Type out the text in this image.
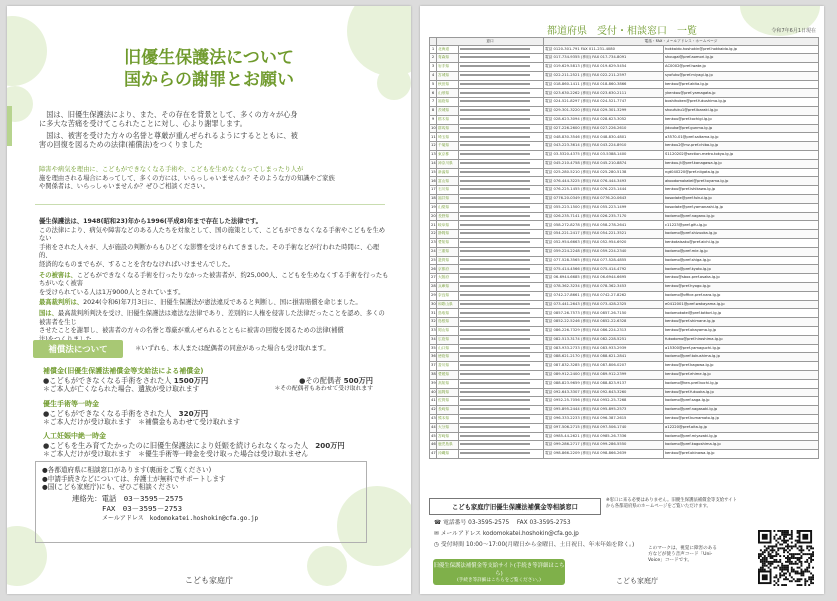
旧優生保護法について
国からの謝罪とお願い
　国は、旧優生保護法により、また、その存在を背景として、多くの方々が心身
に多大な苦痛を受けてこられたことに対し、心より謝罪します。
　国は、被害を受けた方々の名誉と尊厳が重んぜられるようにするとともに、被
害の回復を図るための法律(補償法)をつくりました
障害や病気を理由に、こどもができなくなる手術や、こどもを生めなくなってしまったり人が
施を理由される場合にあってして、多くの方には、いらっしゃいませんか？そのような方の知識やご家族
や関係者は、いらっしゃいませんか？ぜひご相談ください。
優生保護法は、1948(昭和23)年から1996(平成8)年まで存在した法律です。
この法律により、病気や障害などのある人たちを対象として、国の施策として、こどもができなくなる手術やこどもを生めない
手術をされた人々が、人が施設の判断からもひどくな影響を受けられてきました。その手術などが行われた時間に、心理的、
経済的なものまでもが、することを含むなければいけませんでした。
その被害は、こどもができなくなる手術を行ったりなかった被害者が、約25,000人、こどもを生めなくする手術を行ったもちがいなく被害
を受けられている人は1万9000人とされています。
最高裁判所は、2024(令和6)年7月3日に、旧優生保護法が憲法違反であると判断し、国に損害賠償を命じました。
国は、最高裁判所判決を受け、旧優生保護法は違法な法律であり、差別的に人権を侵害した法律だったことを認め、多くの被害者を生じ
させたことを謝罪し、被害者の方々の名誉と尊厳が重んぜられるとともに被害の回復を図るための法律(補償
補償法について	＊いずれも、本人または配偶者の同意があった場合も受け取れます。
補償金(旧優生保護法補償金等支給法による補償金)
●こどもができなくなる手術をされた人 1500万円	●その配偶者 500万円
＊ご本人が亡くなられた場合、遺族が受け取れます	＊その配偶者もあわせて受け取れます
優生手術等一時金
●こどもができなくなる手術をされた人　 320万円
＊ご本人だけが受け取れます　＊補償金もあわせて受け取れます
人工妊娠中絶一時金
●こどもを生み育てたかったのに旧優生保護法により妊娠を続けられなくなった人　 200万円
＊ご本人だけが受け取れます　＊優生手術等一時金を受け取った場合は受け取れません
●各都道府県に相談窓口があります(裏面をご覧ください)
●申請手続きなどについては、弁護士が無料でサポートします
●国(こども家庭庁)にも、ぜひご相談ください
連絡先：電話　 03－3595－2575
FAX　 03－3595－2753
メールアドレス　 kodomokatei.hoshokin@cfa.go.jp
こども家庭庁
都道府県　受付・相談窓口　一覧	令和7年6月1日現在
	窓口		電話・FAX・メールアドレス・ホームページ	
1	北海道		電話 0120-301-791 FAX 011-231-4080	hokkaido.hoshokin@pref.hokkaido.lg.jp
2	青森県		電話 017-734-9355 (専用) FAX 017-734-8091	shougai@pref.aomori.lg.jp
3	岩手県		電話 019-629-5813 (専用) FAX 019-629-5454	AC0002@pref.iwate.jp
4	宮城県		電話 022-211-2521 (専用) FAX 022-211-2597	syofuku@pref.miyagi.lg.jp
5	秋田県		電話 018-860-1411 (専用) FAX 018-860-3866	kenkou@pref.akita.lg.jp
6	山形県		電話 023-630-2262 (専用) FAX 023-630-2111	ykenkou@pref.yamagata.jp
7	福島県		電話 024-521-8297 (専用) FAX 024-521-7747	boshihoken@pref.fukushima.lg.jp
8	茨城県		電話 029-301-3220 (専用) FAX 029-301-3299	shoufuku1@pref.ibaraki.lg.jp
9	栃木県		電話 028-623-3094 (専用) FAX 028-623-3052	kenkou@pref.tochigi.lg.jp
10	群馬県		電話 027-226-2600 (専用) FAX 027-226-2610	jidouka@pref.gunma.lg.jp
11	埼玉県		電話 048-830-3546 (専用) FAX 048-830-4801	a3570-01@pref.saitama.lg.jp
12	千葉県		電話 043-223-3614 (専用) FAX 043-224-8910	kenkou2@mz.pref.chiba.lg.jp
13	東京都		電話 03-5320-4375 (専用) FAX 03-5388-1400	S1120202@section.metro.tokyo.lg.jp
14	神奈川県		電話 045-210-4758 (専用) FAX 045-210-8874	kenkou.jt@pref.kanagawa.lg.jp
15	新潟県		電話 025-280-5210 (専用) FAX 025-280-5138	ngt040220@pref.niigata.lg.jp
16	富山県		電話 076-444-3225 (専用) FAX 076-444-3493	akoodomokatei@pref.toyama.lg.jp
17	石川県		電話 076-225-1455 (専用) FAX 076-225-1444	kenkou@pref.ishikawa.lg.jp
18	福井県		電話 0776-20-0349 (専用) FAX 0776-20-0643	kosodate@pref.fukui.lg.jp
19	山梨県		電話 055-223-1500 (専用) FAX 055-223-1499	kosodate@pref.yamanashi.lg.jp
20	長野県		電話 026-235-7141 (専用) FAX 026-235-7170	kodomo@pref.nagano.lg.jp
21	岐阜県		電話 058-272-8278 (専用) FAX 058-278-2641	c11223@pref.gifu.lg.jp
22	静岡県		電話 054-221-2417 (専用) FAX 054-221-3521	kodomo@pref.shizuoka.lg.jp
23	愛知県		電話 052-954-6663 (専用) FAX 052-954-6920	kenkotaisaku@pref.aichi.lg.jp
24	三重県		電話 059-224-2248 (専用) FAX 059-224-2340	kodomo@pref.mie.lg.jp
25	滋賀県		電話 077-528-3565 (専用) FAX 077-528-4855	kodomo@pref.shiga.lg.jp
26	京都府		電話 075-414-4566 (専用) FAX 075-414-4792	kodomo@pref.kyoto.lg.jp
27	大阪府		電話 06-6944-6685 (専用) FAX 06-6944-6695	kenkou@sbox.pref.osaka.lg.jp
28	兵庫県		電話 078-362-3234 (専用) FAX 078-362-3453	kenkou@pref.hyogo.lg.jp
29	奈良県		電話 0742-27-8661 (専用) FAX 0742-27-8262	kodomo@office.pref.nara.lg.jp
30	和歌山県		電話 073-441-2643 (専用) FAX 073-428-2325	e0412001@pref.wakayama.lg.jp
31	鳥取県		電話 0857-26-7573 (専用) FAX 0857-26-7150	kodomokatei@pref.tottori.lg.jp
32	島根県		電話 0852-22-5246 (専用) FAX 0852-22-6328	kenkou@pref.shimane.lg.jp
33	岡山県		電話 086-226-7329 (専用) FAX 086-224-2313	kenkou@pref.okayama.lg.jp
34	広島県		電話 082-513-3174 (専用) FAX 082-228-5251	fukodomo@pref.hiroshima.lg.jp
35	山口県		電話 083-933-2733 (専用) FAX 083-933-2939	a15300@pref.yamaguchi.lg.jp
36	徳島県		電話 088-621-2170 (専用) FAX 088-621-2841	kodomo@pref.tokushima.lg.jp
37	香川県		電話 087-832-3285 (専用) FAX 087-806-0207	kenkou@pref.kagawa.lg.jp
38	愛媛県		電話 089-912-2400 (専用) FAX 089-912-2399	kenkou@pref.ehime.lg.jp
39	高知県		電話 088-823-9659 (専用) FAX 088-823-9137	kodomo@ken.pref.kochi.lg.jp
40	福岡県		電話 092-643-3307 (専用) FAX 092-643-3260	kenkou@pref.fukuoka.lg.jp
41	佐賀県		電話 0952-25-7056 (専用) FAX 0952-25-7268	kodomo@pref.saga.lg.jp
42	長崎県		電話 095-895-2444 (専用) FAX 095-895-2573	kodomo@pref.nagasaki.lg.jp
43	熊本県		電話 096-333-2233 (専用) FAX 096-387-2615	kenkou@pref.kumamoto.lg.jp
44	大分県		電話 097-506-2715 (専用) FAX 097-506-1740	a12220@pref.oita.lg.jp
45	宮崎県		電話 0985-44-2621 (専用) FAX 0985-26-7336	kodomo@pref.miyazaki.lg.jp
46	鹿児島県		電話 099-286-2717 (専用) FAX 099-286-5550	kodomo@pref.kagoshima.lg.jp
47	沖縄県		電話 098-866-2209 (専用) FAX 098-866-2639	kenkou@pref.okinawa.lg.jp
こども家庭庁旧優生保護法補償金等相談窓口
※窓口に来る必要はありません。旧優生保護法補償金等支給サイト
から各都道府県のホームページをご覧いただけます。
☎ 電話番号 03-3595-2575　 FAX 03-3595-2753
✉ メールアドレス kodomokatei.hoshokin@cfa.go.jp
◷ 受付時間 10:00～17:00(月曜日から金曜日、土日祝日、年末年始を除く。)
旧優生保護法補償金等支給サイト(手続き等詳細はこちら)
(手続き等詳細はこちらをご覧ください。)	こども家庭庁
このマークは、視覚に障害のある
方などが使う音声コード「Uni-
Voice」コードです。
